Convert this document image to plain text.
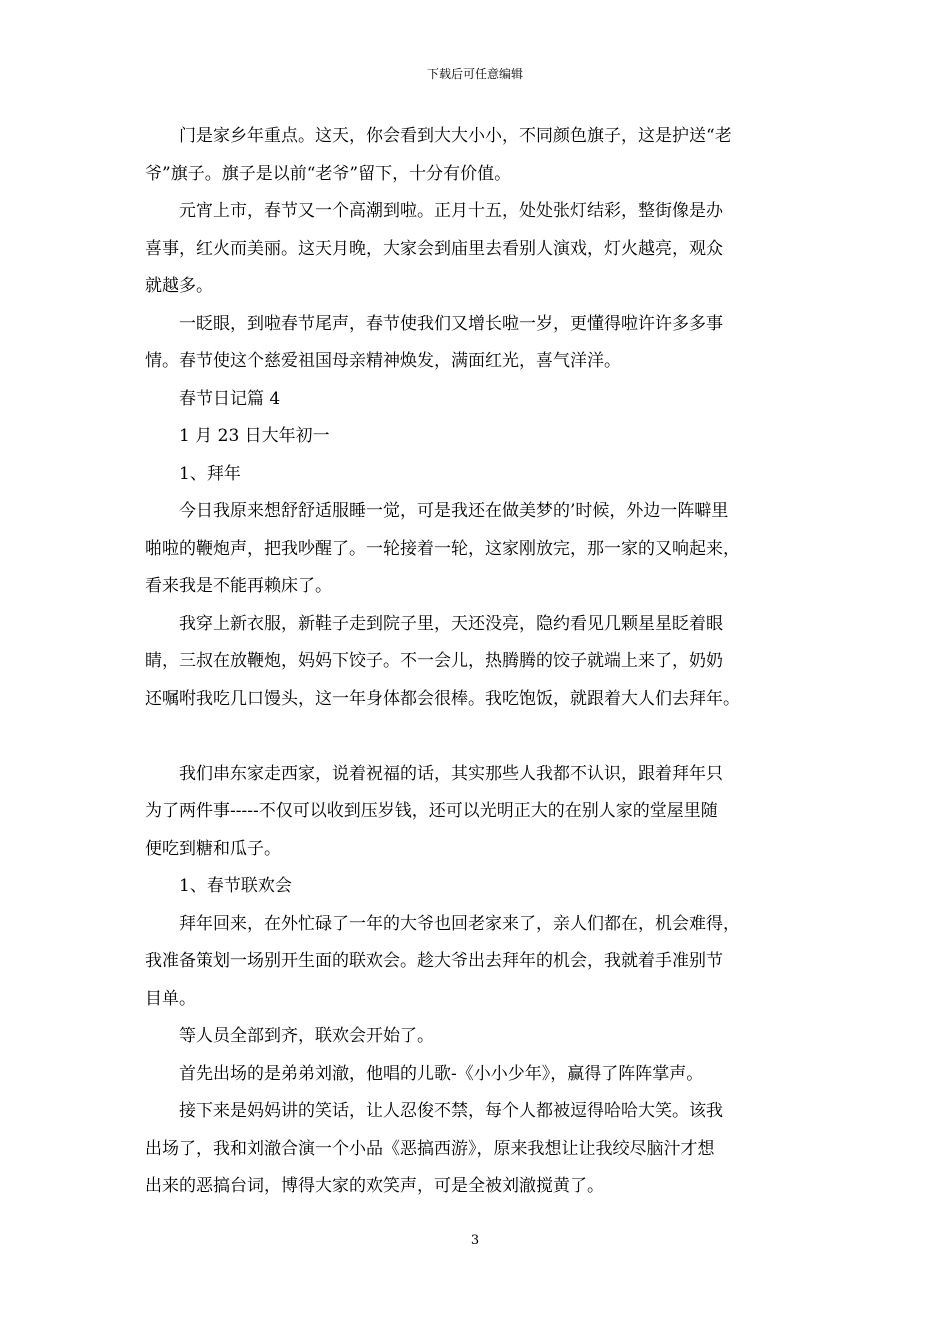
下载后可任意编辑

门是家乡年重点。这天，你会看到大大小小，不同颜色旗子，这是护送“老
爷”旗子。旗子是以前“老爷”留下，十分有价值。

元宵上市，春节又一个高潮到啦。正月十五，处处张灯结彩，整街像是办
喜事，红火而美丽。这天月晚，大家会到庙里去看别人演戏，灯火越亮，观众
就越多。

一眨眼，到啦春节尾声，春节使我们又增长啦一岁，更懂得啦许许多多事
情。春节使这个慈爱祖国母亲精神焕发，满面红光，喜气洋洋。

春节日记篇 4

1 月 23 日大年初一

1、拜年

今日我原来想舒舒适服睡一觉，可是我还在做美梦的’时候，外边一阵噼里
啪啦的鞭炮声，把我吵醒了。一轮接着一轮，这家刚放完，那一家的又响起来，
看来我是不能再赖床了。

我穿上新衣服，新鞋子走到院子里，天还没亮，隐约看见几颗星星眨着眼
睛，三叔在放鞭炮，妈妈下饺子。不一会儿，热腾腾的饺子就端上来了，奶奶
还嘱咐我吃几口馒头，这一年身体都会很棒。我吃饱饭，就跟着大人们去拜年。

我们串东家走西家，说着祝福的话，其实那些人我都不认识，跟着拜年只
为了两件事-----不仅可以收到压岁钱，还可以光明正大的在别人家的堂屋里随
便吃到糖和瓜子。

1、春节联欢会

拜年回来，在外忙碌了一年的大爷也回老家来了，亲人们都在，机会难得，
我准备策划一场别开生面的联欢会。趁大爷出去拜年的机会，我就着手准别节
目单。

等人员全部到齐，联欢会开始了。

首先出场的是弟弟刘澈，他唱的儿歌-《小小少年》，赢得了阵阵掌声。

接下来是妈妈讲的笑话，让人忍俊不禁，每个人都被逗得哈哈大笑。该我
出场了，我和刘澈合演一个小品《恶搞西游》，原来我想让让我绞尽脑汁才想
出来的恶搞台词，博得大家的欢笑声，可是全被刘澈搅黄了。

3
